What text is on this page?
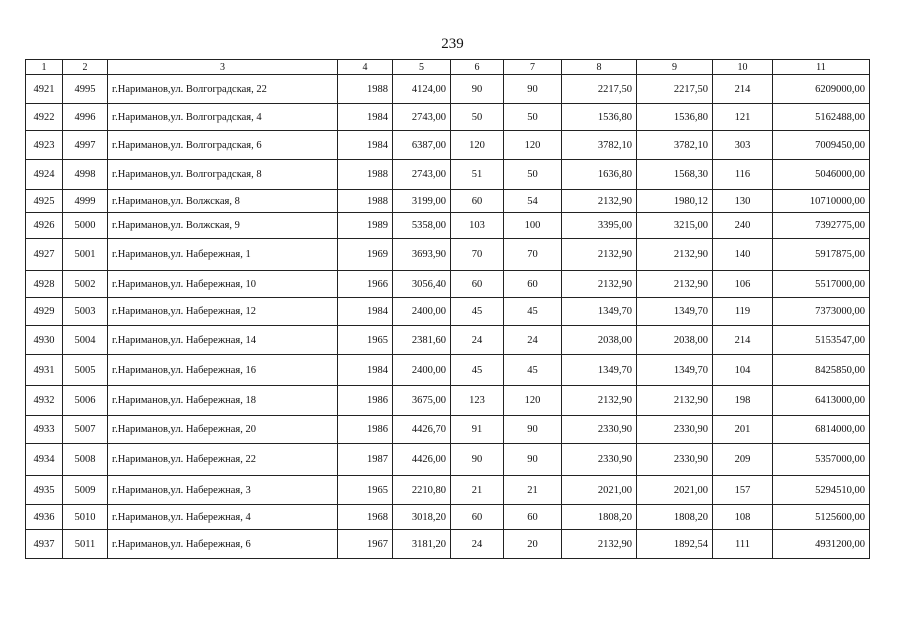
239
1	2	3	4	5	6	7	8	9	10	11
4921	4995	г.Нариманов,ул. Волгоградская, 22	1988	4124,00	90	90	2217,50	2217,50	214	6209000,00
4922	4996	г.Нариманов,ул. Волгоградская, 4	1984	2743,00	50	50	1536,80	1536,80	121	5162488,00
4923	4997	г.Нариманов,ул. Волгоградская, 6	1984	6387,00	120	120	3782,10	3782,10	303	7009450,00
4924	4998	г.Нариманов,ул. Волгоградская, 8	1988	2743,00	51	50	1636,80	1568,30	116	5046000,00
4925	4999	г.Нариманов,ул. Волжская, 8	1988	3199,00	60	54	2132,90	1980,12	130	10710000,00
4926	5000	г.Нариманов,ул. Волжская, 9	1989	5358,00	103	100	3395,00	3215,00	240	7392775,00
4927	5001	г.Нариманов,ул. Набережная, 1	1969	3693,90	70	70	2132,90	2132,90	140	5917875,00
4928	5002	г.Нариманов,ул. Набережная, 10	1966	3056,40	60	60	2132,90	2132,90	106	5517000,00
4929	5003	г.Нариманов,ул. Набережная, 12	1984	2400,00	45	45	1349,70	1349,70	119	7373000,00
4930	5004	г.Нариманов,ул. Набережная, 14	1965	2381,60	24	24	2038,00	2038,00	214	5153547,00
4931	5005	г.Нариманов,ул. Набережная, 16	1984	2400,00	45	45	1349,70	1349,70	104	8425850,00
4932	5006	г.Нариманов,ул. Набережная, 18	1986	3675,00	123	120	2132,90	2132,90	198	6413000,00
4933	5007	г.Нариманов,ул. Набережная, 20	1986	4426,70	91	90	2330,90	2330,90	201	6814000,00
4934	5008	г.Нариманов,ул. Набережная, 22	1987	4426,00	90	90	2330,90	2330,90	209	5357000,00
4935	5009	г.Нариманов,ул. Набережная, 3	1965	2210,80	21	21	2021,00	2021,00	157	5294510,00
4936	5010	г.Нариманов,ул. Набережная, 4	1968	3018,20	60	60	1808,20	1808,20	108	5125600,00
4937	5011	г.Нариманов,ул. Набережная, 6	1967	3181,20	24	20	2132,90	1892,54	111	4931200,00
